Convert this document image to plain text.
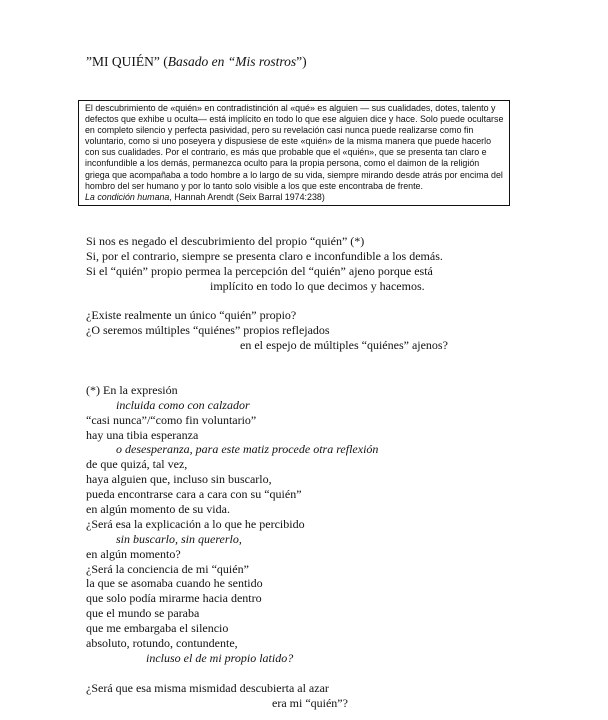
”MI QUIÉN” (Basado en “Mis rostros”)
El descubrimiento de «quién» en contradistinción al «qué» es alguien — sus cualidades, dotes, talento y
defectos que exhibe u oculta— está implícito en todo lo que ese alguien dice y hace. Solo puede ocultarse
en completo silencio y perfecta pasividad, pero su revelación casi nunca puede realizarse como fin
voluntario, como si uno poseyera y dispusiese de este «quién» de la misma manera que puede hacerlo
con sus cualidades. Por el contrario, es más que probable que el «quién», que se presenta tan claro e
inconfundible a los demás, permanezca oculto para la propia persona, como el daimon de la religión
griega que acompañaba a todo hombre a lo largo de su vida, siempre mirando desde atrás por encima del
hombro del ser humano y por lo tanto solo visible a los que este encontraba de frente.
La condición humana, Hannah Arendt (Seix Barral 1974:238)
Si nos es negado el descubrimiento del propio “quién” (*)
Si, por el contrario, siempre se presenta claro e inconfundible a los demás.
Si el “quién” propio permea la percepción del “quién” ajeno porque está
implícito en todo lo que decimos y hacemos.
¿Existe realmente un único “quién” propio?
¿O seremos múltiples “quiénes” propios reflejados
en el espejo de múltiples “quiénes” ajenos?
(*) En la expresión
incluida como con calzador
“casi nunca”/“como fin voluntario”
hay una tibia esperanza
o desesperanza, para este matiz procede otra reflexión
de que quizá, tal vez,
haya alguien que, incluso sin buscarlo,
pueda encontrarse cara a cara con su “quién”
en algún momento de su vida.
¿Será esa la explicación a lo que he percibido
sin buscarlo, sin quererlo,
en algún momento?
¿Será la conciencia de mi “quién”
la que se asomaba cuando he sentido
que solo podía mirarme hacia dentro
que el mundo se paraba
que me embargaba el silencio
absoluto, rotundo, contundente,
incluso el de mi propio latido?
¿Será que esa misma mismidad descubierta al azar
era mi “quién”?
